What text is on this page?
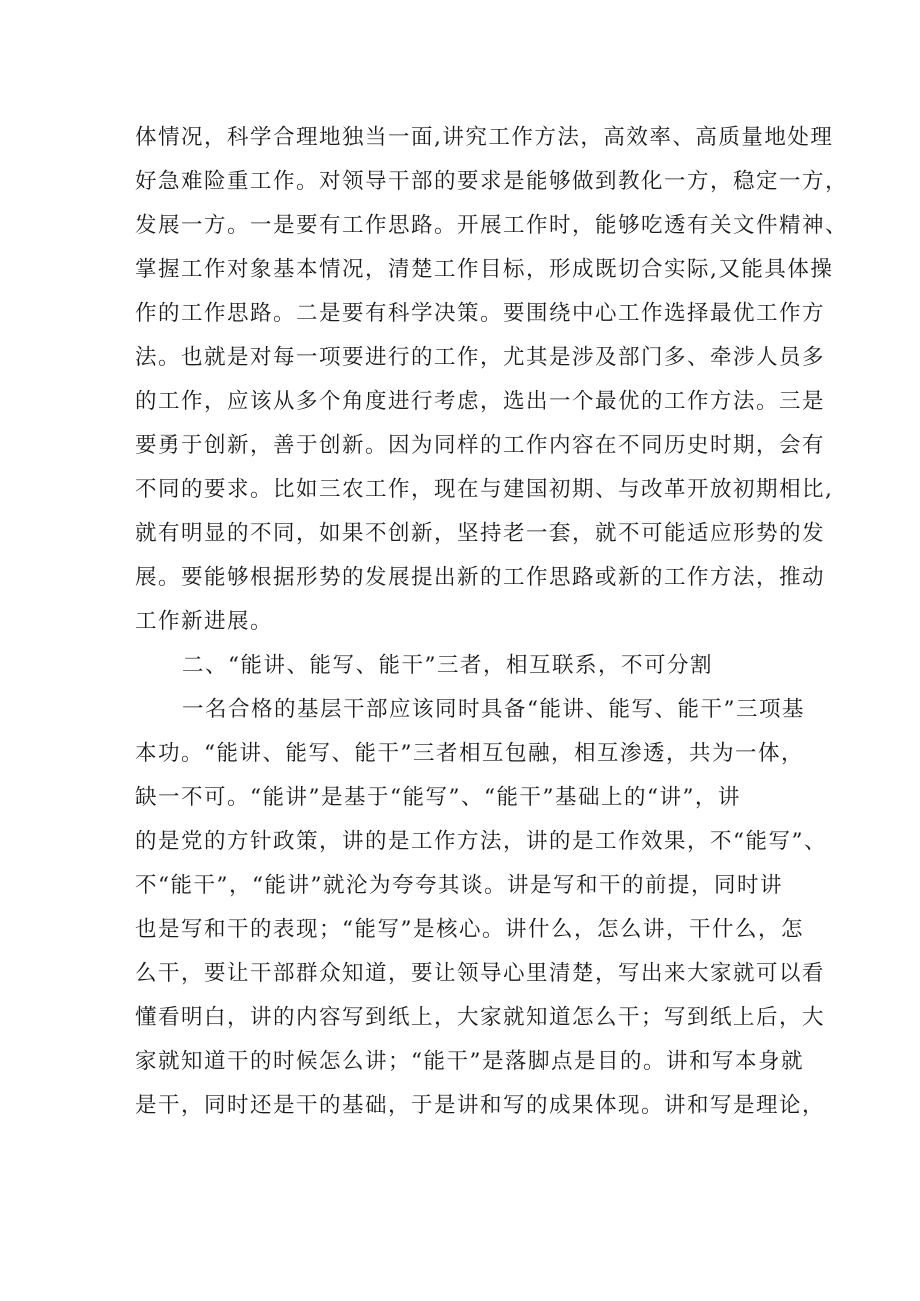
体情况，科学合理地独当一面,讲究工作方法，高效率、高质量地处理
好急难险重工作。对领导干部的要求是能够做到教化一方，稳定一方，
发展一方。一是要有工作思路。开展工作时，能够吃透有关文件精神、
掌握工作对象基本情况，清楚工作目标，形成既切合实际,又能具体操
作的工作思路。二是要有科学决策。要围绕中心工作选择最优工作方
法。也就是对每一项要进行的工作，尤其是涉及部门多、牵涉人员多
的工作，应该从多个角度进行考虑，选出一个最优的工作方法。三是
要勇于创新，善于创新。因为同样的工作内容在不同历史时期，会有
不同的要求。比如三农工作，现在与建国初期、与改革开放初期相比,
就有明显的不同，如果不创新，坚持老一套，就不可能适应形势的发
展。要能够根据形势的发展提出新的工作思路或新的工作方法，推动
工作新进展。
二、“能讲、能写、能干”三者，相互联系，不可分割
一名合格的基层干部应该同时具备“能讲、能写、能干”三项基
本功。“能讲、能写、能干”三者相互包融，相互渗透，共为一体，
缺一不可。“能讲”是基于“能写”、“能干”基础上的“讲”，讲
的是党的方针政策，讲的是工作方法，讲的是工作效果，不“能写”、
不“能干”，“能讲”就沦为夸夸其谈。讲是写和干的前提，同时讲
也是写和干的表现；“能写”是核心。讲什么，怎么讲，干什么，怎
么干，要让干部群众知道，要让领导心里清楚，写出来大家就可以看
懂看明白，讲的内容写到纸上，大家就知道怎么干；写到纸上后，大
家就知道干的时候怎么讲；“能干”是落脚点是目的。讲和写本身就
是干，同时还是干的基础，于是讲和写的成果体现。讲和写是理论，
